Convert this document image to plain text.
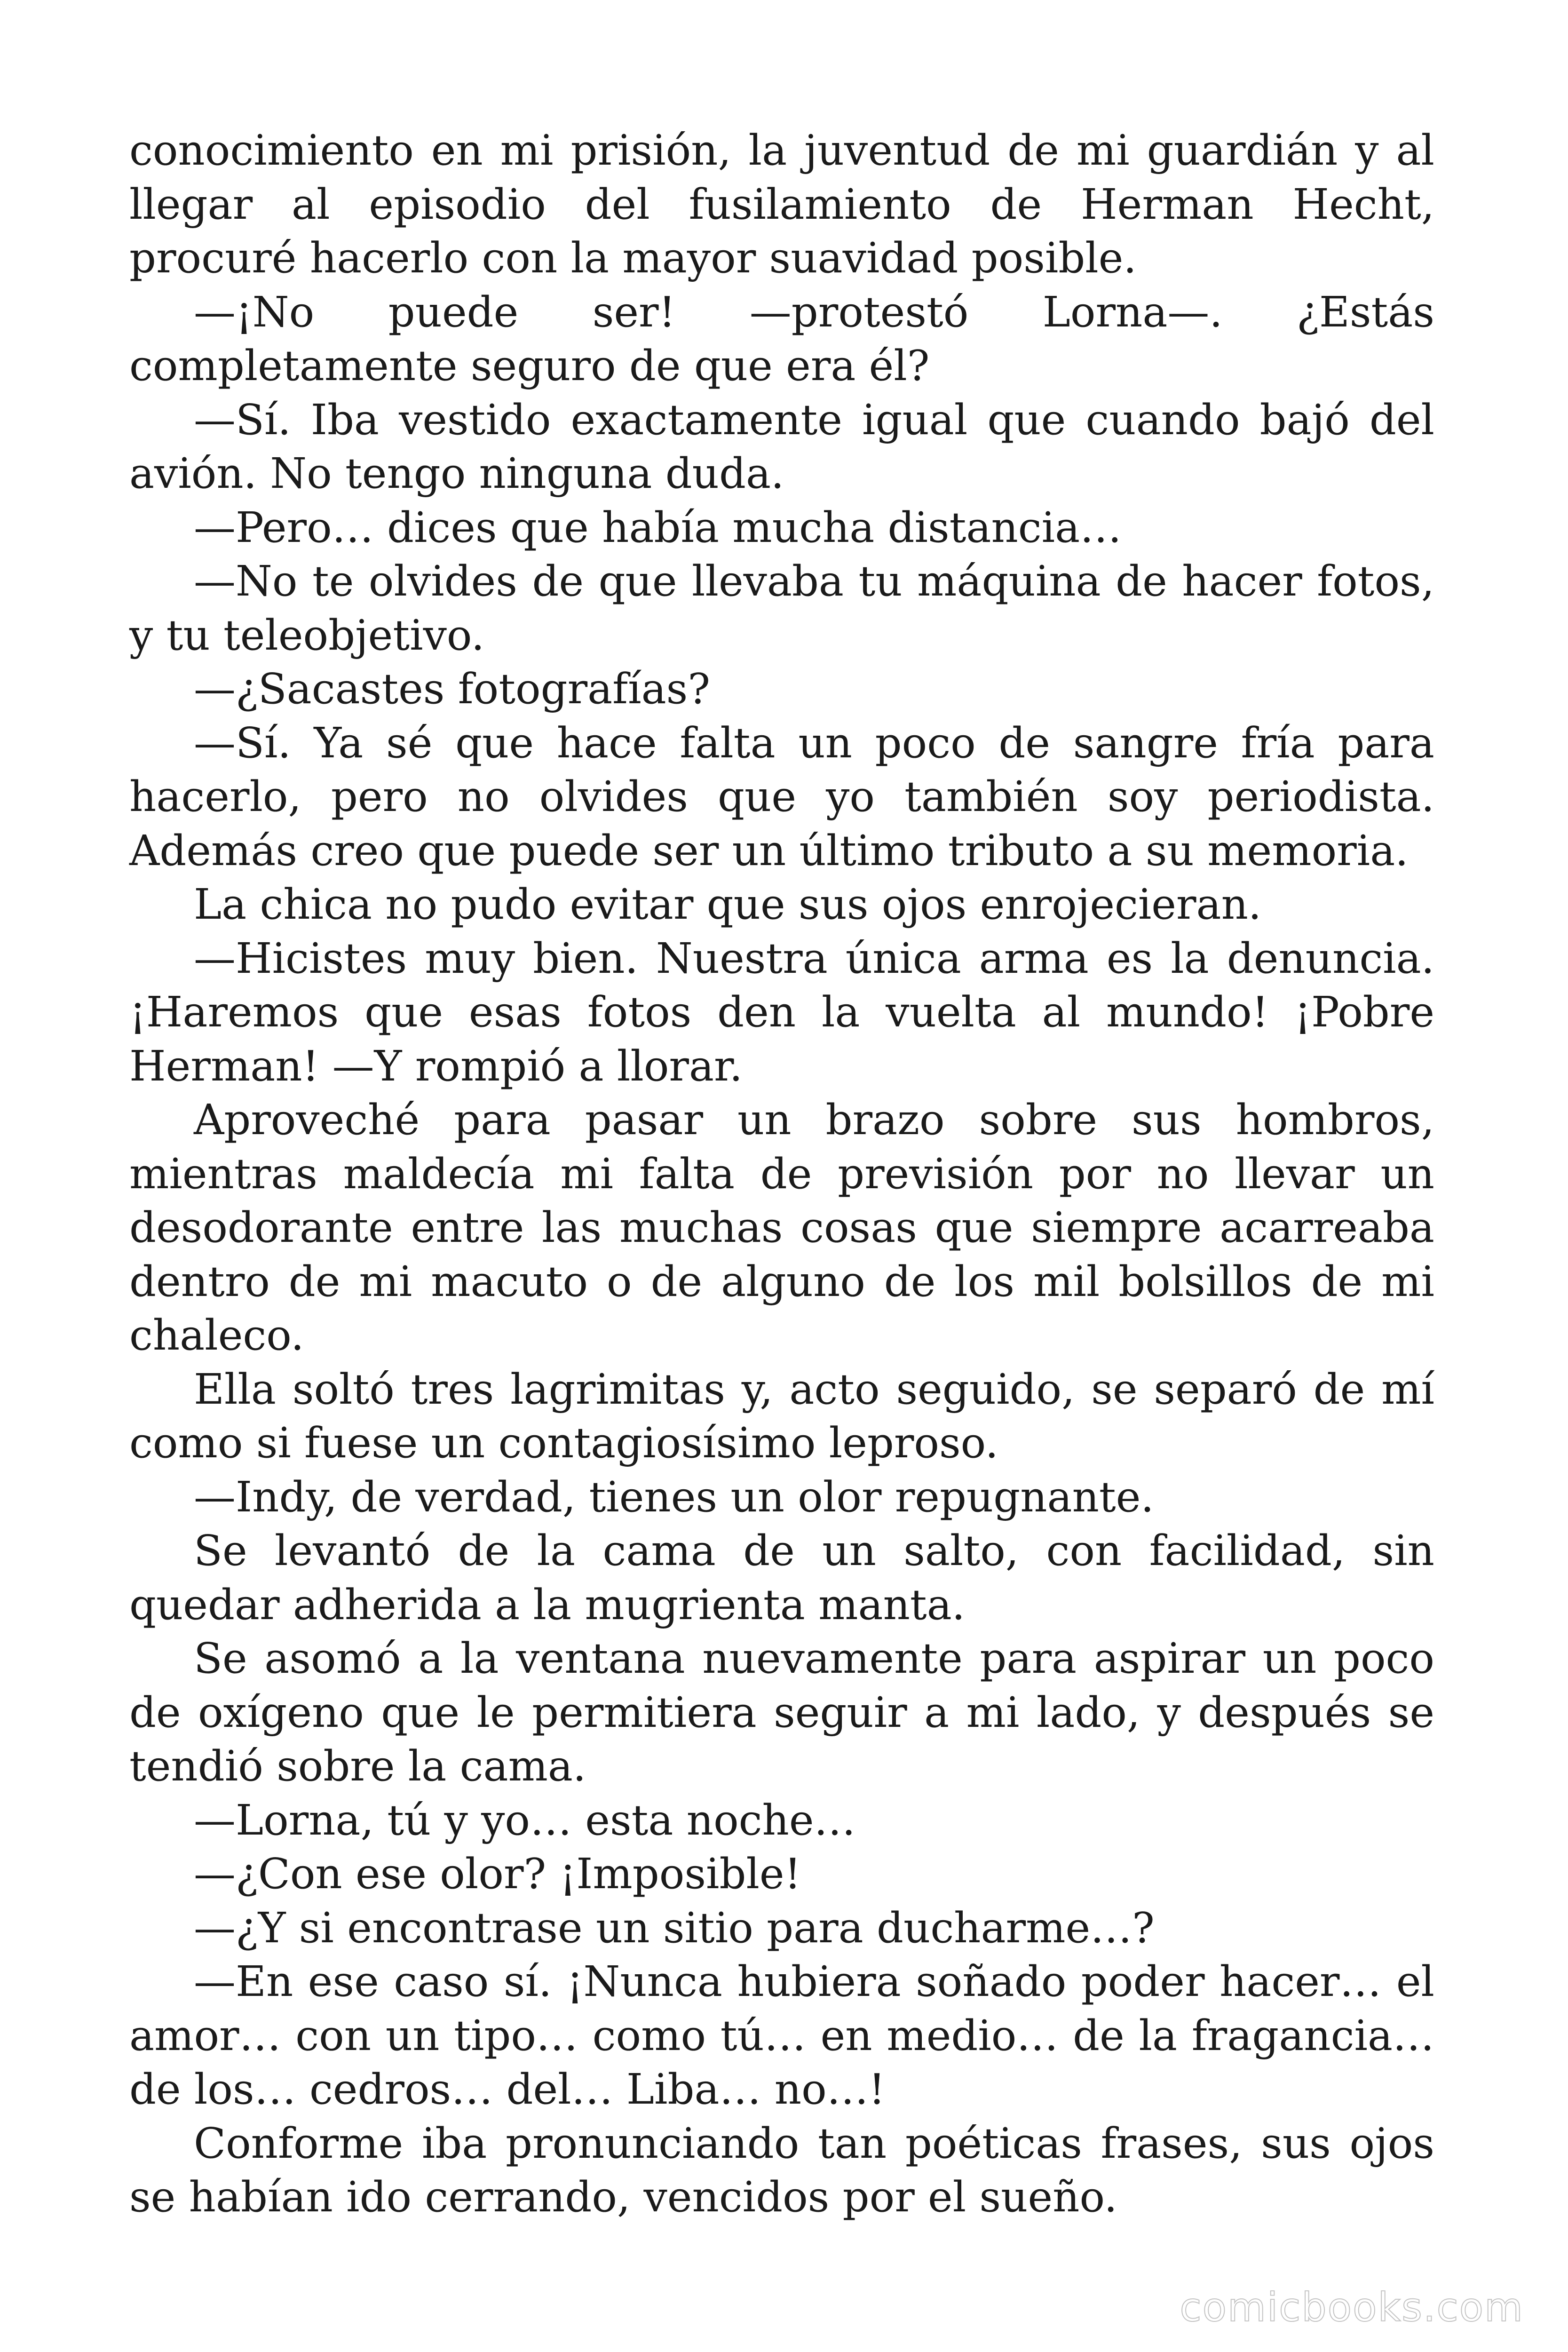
conocimiento en mi prisión, la juventud de mi guardián y al llegar al episodio del fusilamiento de Herman Hecht, procuré hacerlo con la mayor suavidad posible.

—¡No puede ser! —protestó Lorna—. ¿Estás completamente seguro de que era él?

—Sí. Iba vestido exactamente igual que cuando bajó del avión. No tengo ninguna duda.

—Pero… dices que había mucha distancia…

—No te olvides de que llevaba tu máquina de hacer fotos, y tu teleobjetivo.

—¿Sacastes fotografías?

—Sí. Ya sé que hace falta un poco de sangre fría para hacerlo, pero no olvides que yo también soy periodista. Además creo que puede ser un último tributo a su memoria.

La chica no pudo evitar que sus ojos enrojecieran.

—Hicistes muy bien. Nuestra única arma es la denuncia. ¡Haremos que esas fotos den la vuelta al mundo! ¡Pobre Herman! —Y rompió a llorar.

Aproveché para pasar un brazo sobre sus hombros, mientras maldecía mi falta de previsión por no llevar un desodorante entre las muchas cosas que siempre acarreaba dentro de mi macuto o de alguno de los mil bolsillos de mi chaleco.

Ella soltó tres lagrimitas y, acto seguido, se separó de mí como si fuese un contagiosísimo leproso.

—Indy, de verdad, tienes un olor repugnante.

Se levantó de la cama de un salto, con facilidad, sin quedar adherida a la mugrienta manta.

Se asomó a la ventana nuevamente para aspirar un poco de oxígeno que le permitiera seguir a mi lado, y después se tendió sobre la cama.

—Lorna, tú y yo… esta noche…

—¿Con ese olor? ¡Imposible!

—¿Y si encontrase un sitio para ducharme…?

—En ese caso sí. ¡Nunca hubiera soñado poder hacer… el amor… con un tipo… como tú… en medio… de la fragancia… de los… cedros… del… Liba… no…!

Conforme iba pronunciando tan poéticas frases, sus ojos se habían ido cerrando, vencidos por el sueño.

comicbooks.com
